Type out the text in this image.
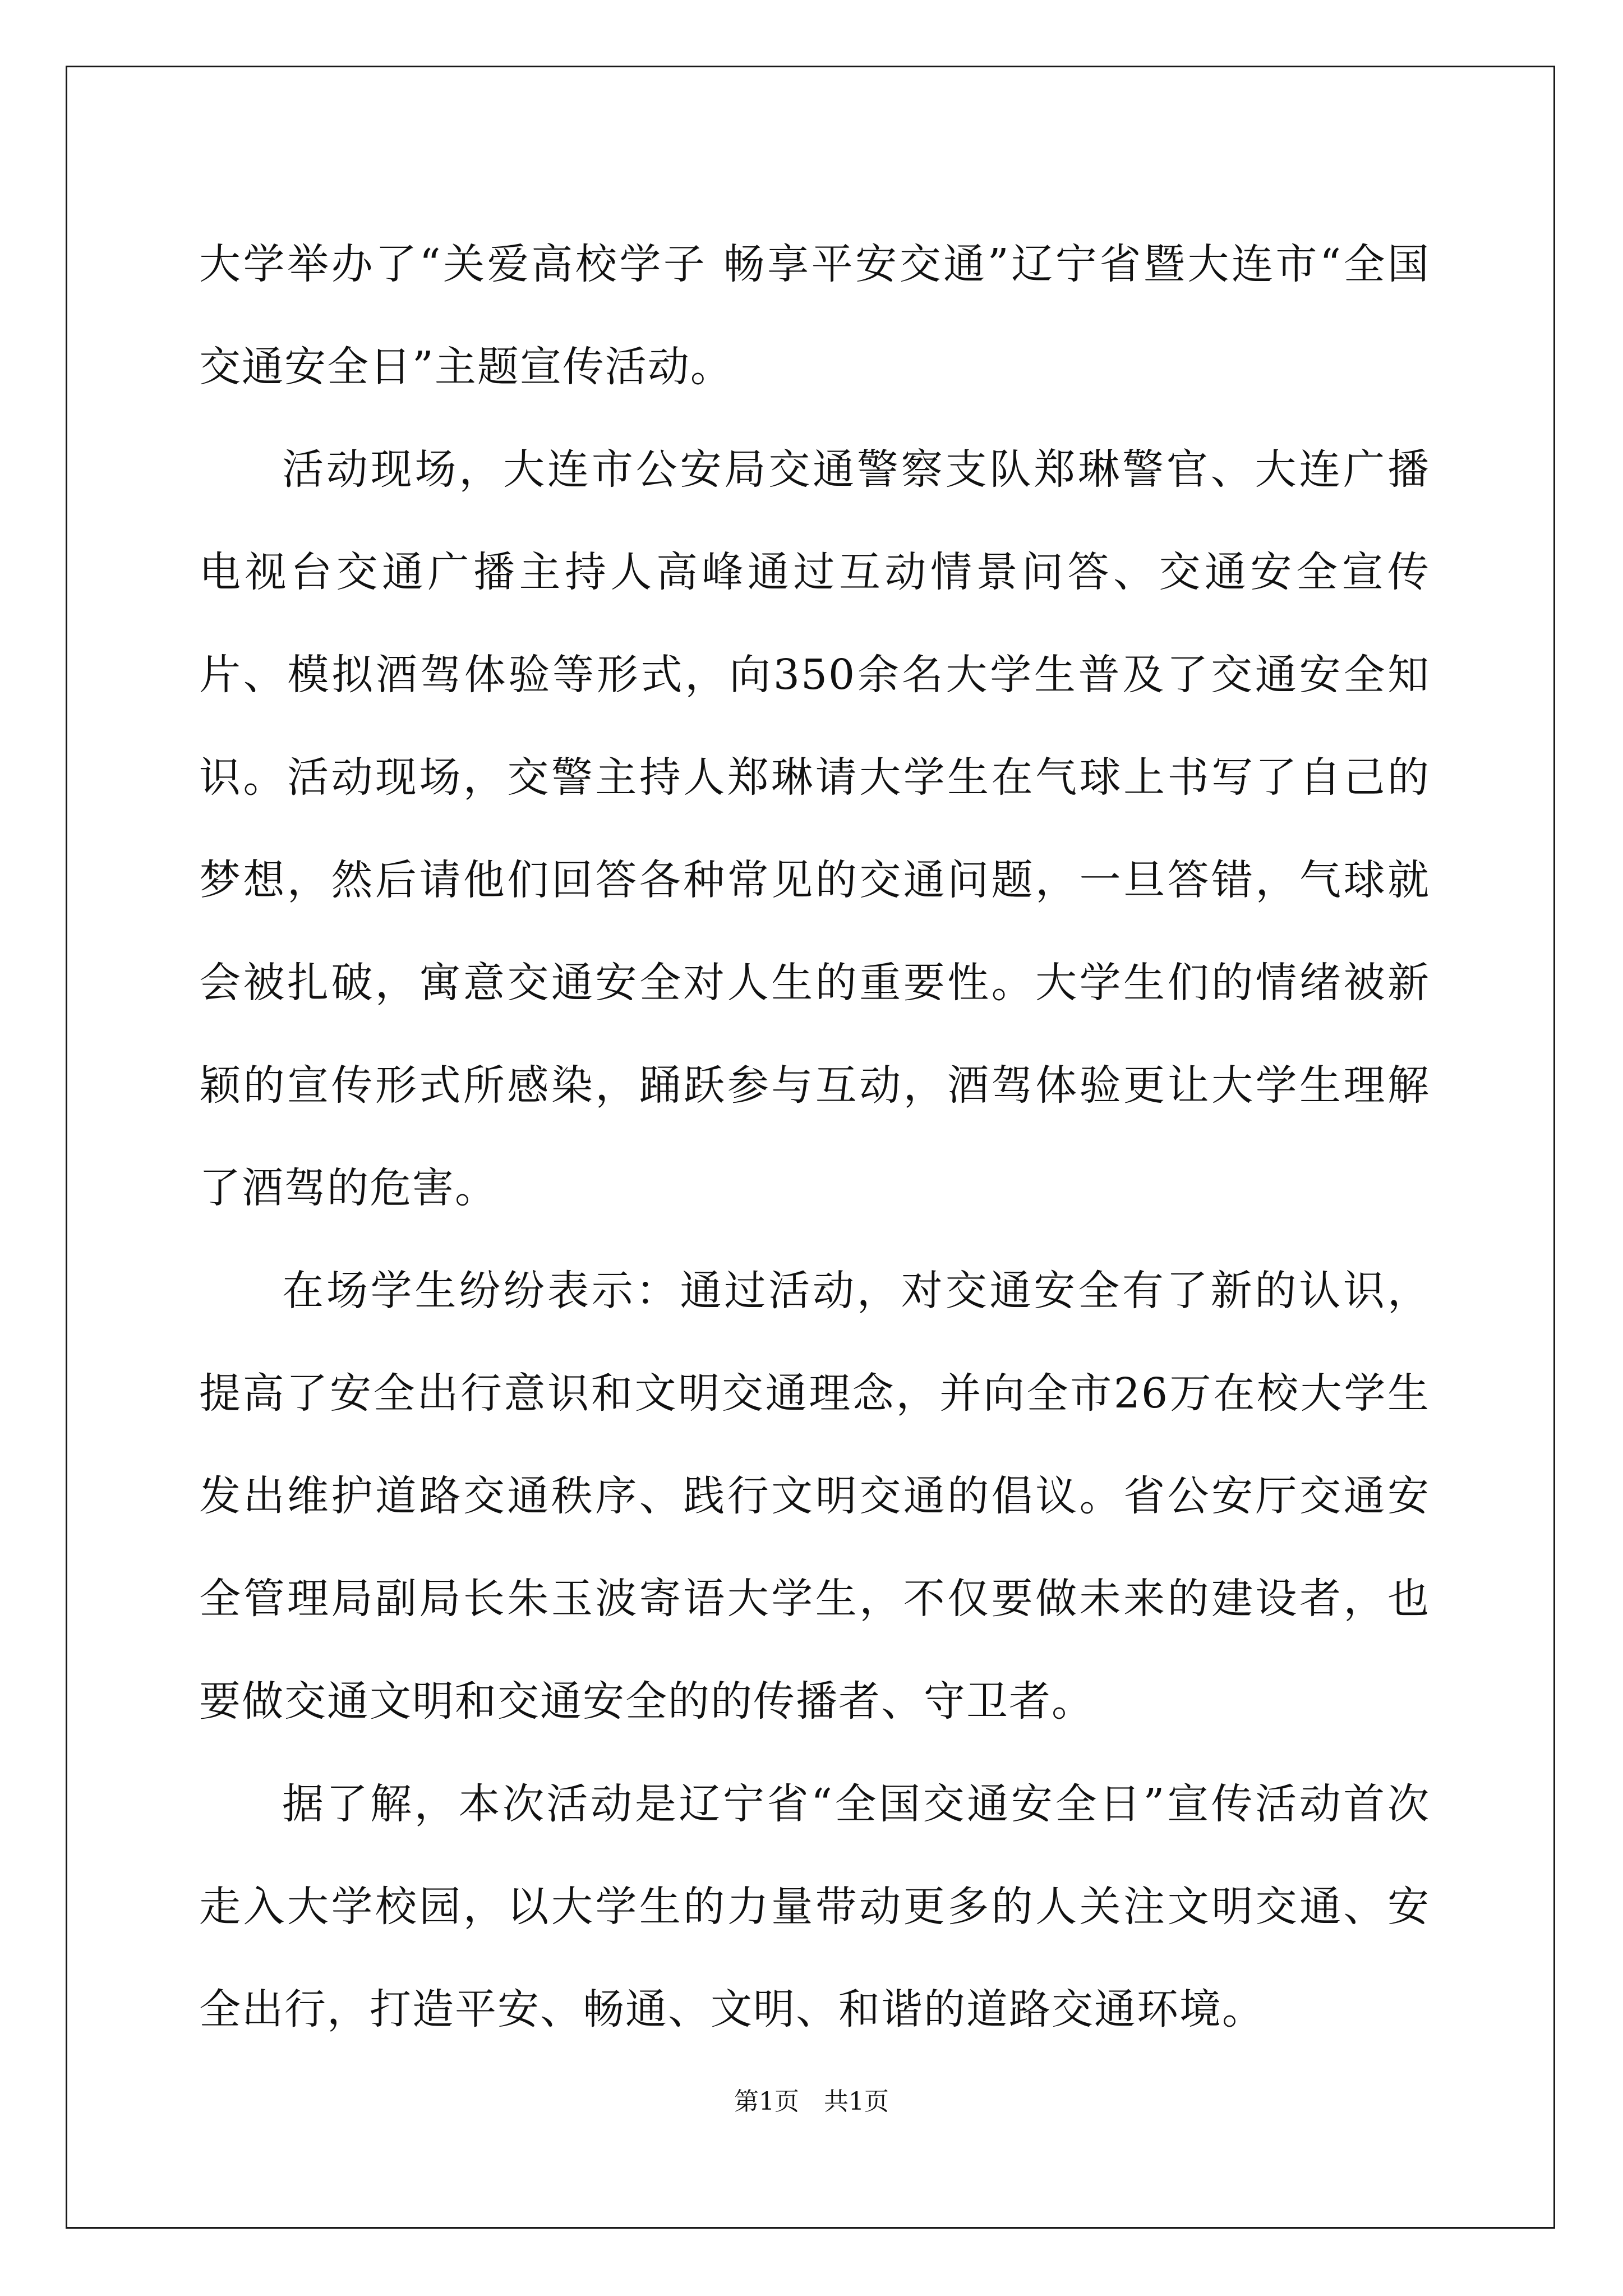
大学举办了“关爱高校学子 畅享平安交通”辽宁省暨大连市“全国交通安全日”主题宣传活动。

活动现场，大连市公安局交通警察支队郑琳警官、大连广播电视台交通广播主持人高峰通过互动情景问答、交通安全宣传片、模拟酒驾体验等形式，向350余名大学生普及了交通安全知识。活动现场，交警主持人郑琳请大学生在气球上书写了自己的梦想，然后请他们回答各种常见的交通问题，一旦答错，气球就会被扎破，寓意交通安全对人生的重要性。大学生们的情绪被新颖的宣传形式所感染，踊跃参与互动，酒驾体验更让大学生理解了酒驾的危害。

在场学生纷纷表示：通过活动，对交通安全有了新的认识，提高了安全出行意识和文明交通理念，并向全市26万在校大学生发出维护道路交通秩序、践行文明交通的倡议。省公安厅交通安全管理局副局长朱玉波寄语大学生，不仅要做未来的建设者，也要做交通文明和交通安全的的传播者、守卫者。

据了解，本次活动是辽宁省“全国交通安全日”宣传活动首次走入大学校园，以大学生的力量带动更多的人关注文明交通、安全出行，打造平安、畅通、文明、和谐的道路交通环境。

第1页　共1页
